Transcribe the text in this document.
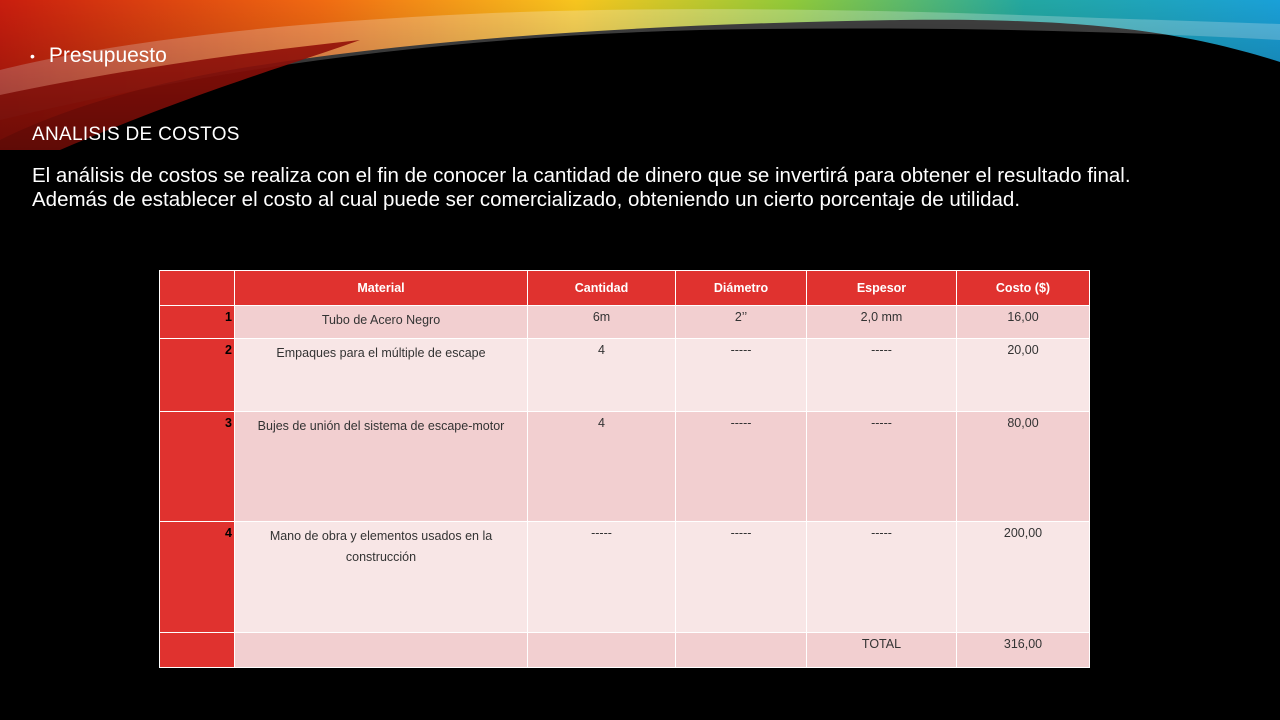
• Presupuesto
ANALISIS DE COSTOS

El análisis de costos se realiza con el fin de conocer la cantidad de dinero que se invertirá para obtener el resultado final. Además de establecer el costo al cual puede ser comercializado, obteniendo un cierto porcentaje de utilidad.

	Material	Cantidad	Diámetro	Espesor	Costo ($)
1	Tubo de Acero Negro	6m	2’’	2,0 mm	16,00
2	Empaques para el múltiple de escape	4	-----	-----	20,00
3	Bujes de unión del sistema de escape-motor	4	-----	-----	80,00
4	Mano de obra y elementos usados en la construcción	-----	-----	-----	200,00
				TOTAL	316,00
